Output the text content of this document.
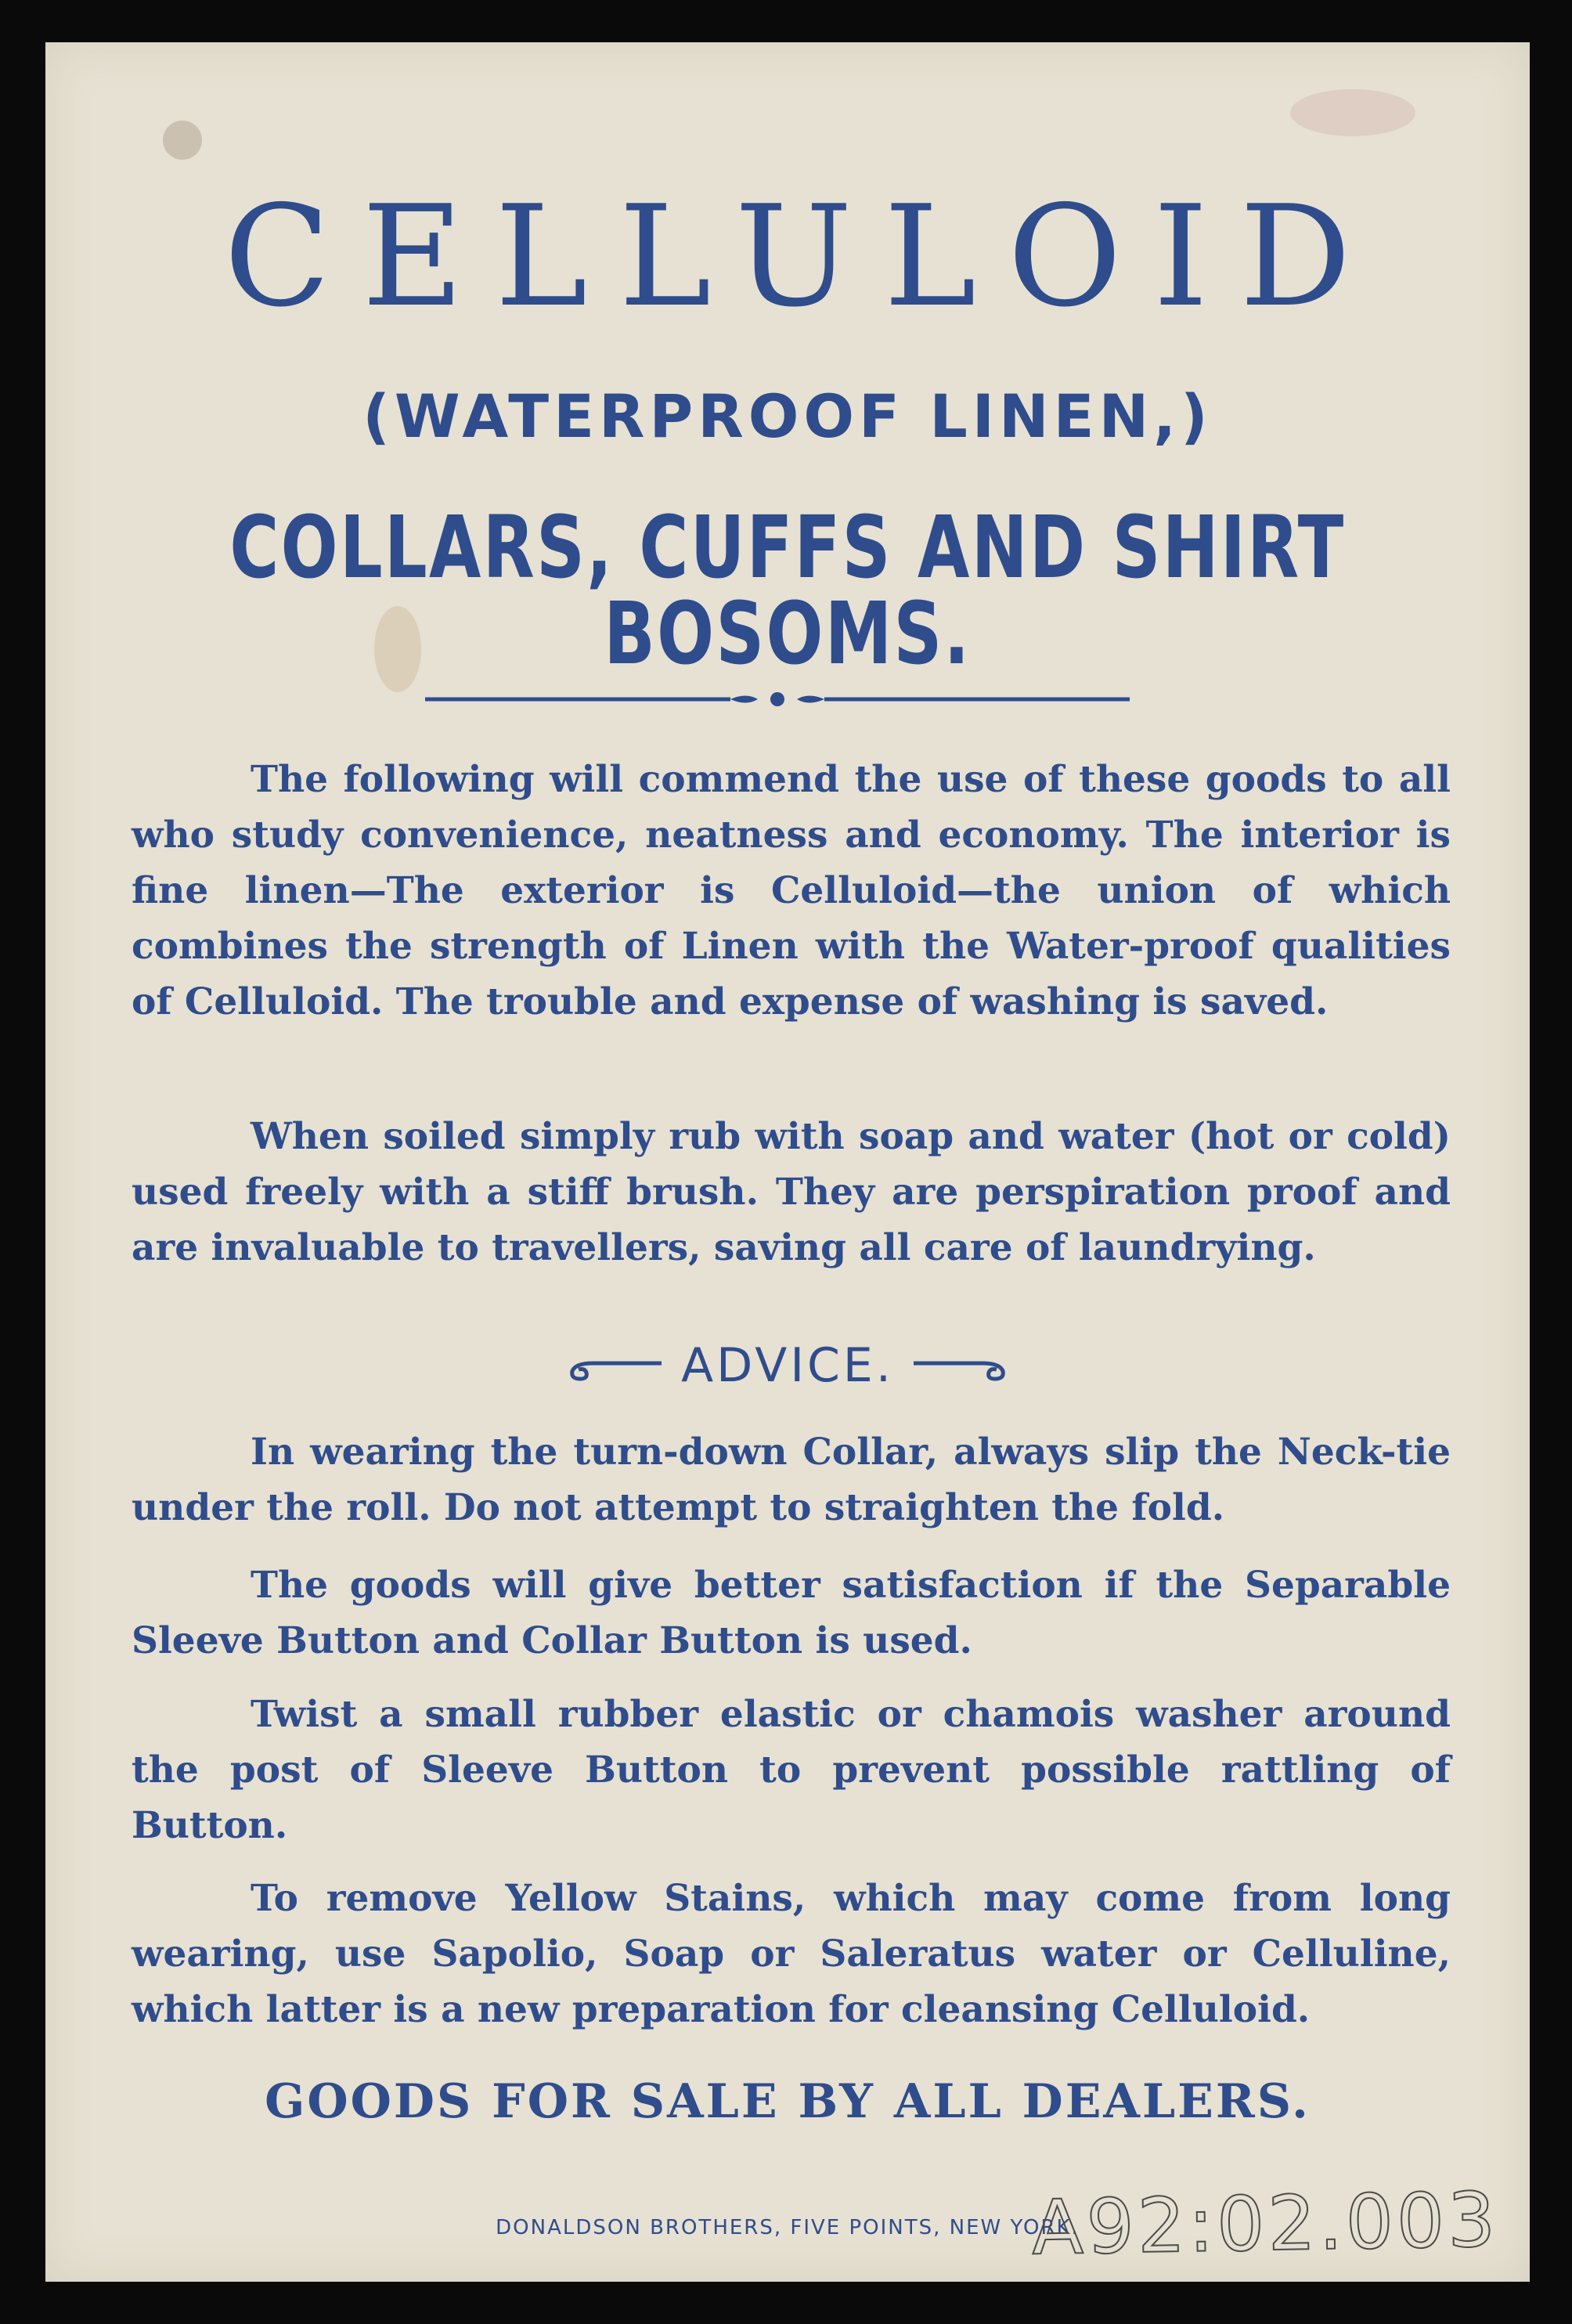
CELLULOID
(WATERPROOF LINEN,)
COLLARS, CUFFS AND SHIRT BOSOMS.

The following will commend the use of these goods to all who study convenience, neatness and economy. The interior is fine linen—The exterior is Celluloid—the union of which combines the strength of Linen with the Water-proof qualities of Celluloid. The trouble and expense of washing is saved.

When soiled simply rub with soap and water (hot or cold) used freely with a stiff brush. They are perspiration proof and are invaluable to travellers, saving all care of laundrying.

ADVICE.

In wearing the turn-down Collar, always slip the Neck-tie under the roll. Do not attempt to straighten the fold.

The goods will give better satisfaction if the Separable Sleeve Button and Collar Button is used.

Twist a small rubber elastic or chamois washer around the post of Sleeve Button to prevent possible rattling of Button.

To remove Yellow Stains, which may come from long wearing, use Sapolio, Soap or Saleratus water or Celluline, which latter is a new preparation for cleansing Celluloid.

GOODS FOR SALE BY ALL DEALERS.
DONALDSON BROTHERS, FIVE POINTS, NEW YORK.
A92:02.003
